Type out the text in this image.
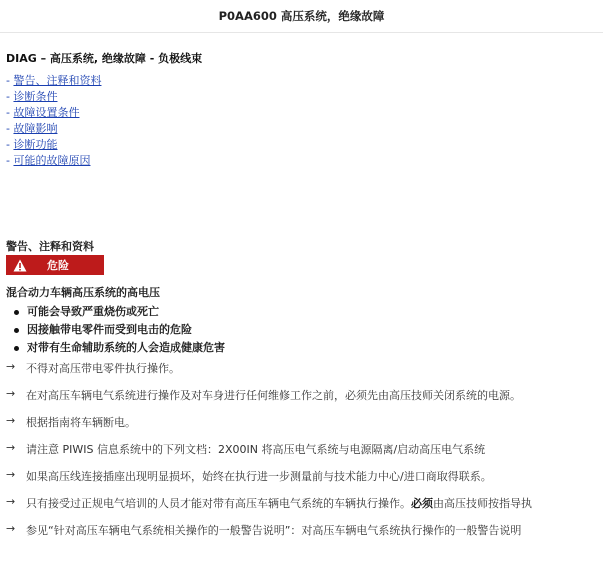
P0AA600 高压系统，绝缘故障
DIAG – 高压系统, 绝缘故障 - 负极线束
- 警告、注释和资料
- 诊断条件
- 故障设置条件
- 故障影响
- 诊断功能
- 可能的故障原因
警告、注释和资料
危险
混合动力车辆高压系统的高电压
可能会导致严重烧伤或死亡
因接触带电零件而受到电击的危险
对带有生命辅助系统的人会造成健康危害
→ 不得对高压带电零件执行操作。
→ 在对高压车辆电气系统进行操作及对车身进行任何维修工作之前，必须先由高压技师关闭系统的电源。
→ 根据指南将车辆断电。
→ 请注意 PIWIS 信息系统中的下列文档：2X00IN 将高压电气系统与电源隔离/启动高压电气系统
→ 如果高压线连接插座出现明显损坏，始终在执行进一步测量前与技术能力中心/进口商取得联系。
→ 只有接受过正规电气培训的人员才能对带有高压车辆电气系统的车辆执行操作。必须由高压技师按指导执
→ 参见“针对高压车辆电气系统相关操作的一般警告说明”：对高压车辆电气系统执行操作的一般警告说明
